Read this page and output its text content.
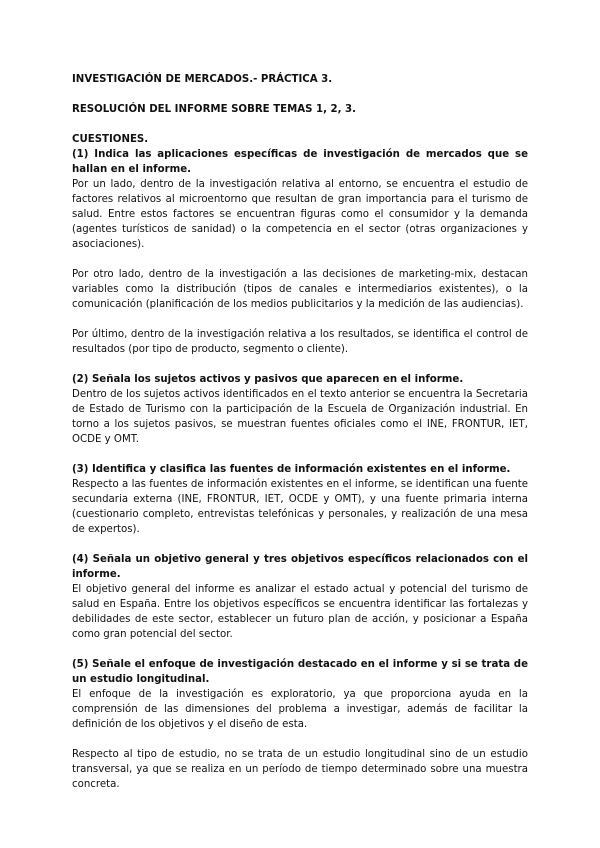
INVESTIGACIÓN DE MERCADOS.- PRÁCTICA 3.
RESOLUCIÓN DEL INFORME SOBRE TEMAS 1, 2, 3.
CUESTIONES.

(1) Indica las aplicaciones específicas de investigación de mercados que se hallan en el informe.

Por un lado, dentro de la investigación relativa al entorno, se encuentra el estudio de factores relativos al microentorno que resultan de gran importancia para el turismo de salud. Entre estos factores se encuentran figuras como el consumidor y la demanda (agentes turísticos de sanidad) o la competencia en el sector (otras organizaciones y asociaciones).

Por otro lado, dentro de la investigación a las decisiones de marketing-mix, destacan variables como la distribución (tipos de canales e intermediarios existentes), o la comunicación (planificación de los medios publicitarios y la medición de las audiencias).

Por último, dentro de la investigación relativa a los resultados, se identifica el control de resultados (por tipo de producto, segmento o cliente).

(2) Señala los sujetos activos y pasivos que aparecen en el informe.

Dentro de los sujetos activos identificados en el texto anterior se encuentra la Secretaria de Estado de Turismo con la participación de la Escuela de Organización industrial. En torno a los sujetos pasivos, se muestran fuentes oficiales como el INE, FRONTUR, IET, OCDE y OMT.

(3) Identifica y clasifica las fuentes de información existentes en el informe.

Respecto a las fuentes de información existentes en el informe, se identifican una fuente secundaria externa (INE, FRONTUR, IET, OCDE y OMT), y una fuente primaria interna (cuestionario completo, entrevistas telefónicas y personales, y realización de una mesa de expertos).

(4) Señala un objetivo general y tres objetivos específicos relacionados con el informe.

El objetivo general del informe es analizar el estado actual y potencial del turismo de salud en España. Entre los objetivos específicos se encuentra identificar las fortalezas y debilidades de este sector, establecer un futuro plan de acción, y posicionar a España como gran potencial del sector.

(5) Señale el enfoque de investigación destacado en el informe y si se trata de un estudio longitudinal.

El enfoque de la investigación es exploratorio, ya que proporciona ayuda en la comprensión de las dimensiones del problema a investigar, además de facilitar la definición de los objetivos y el diseño de esta.

Respecto al tipo de estudio, no se trata de un estudio longitudinal sino de un estudio transversal, ya que se realiza en un período de tiempo determinado sobre una muestra concreta.
